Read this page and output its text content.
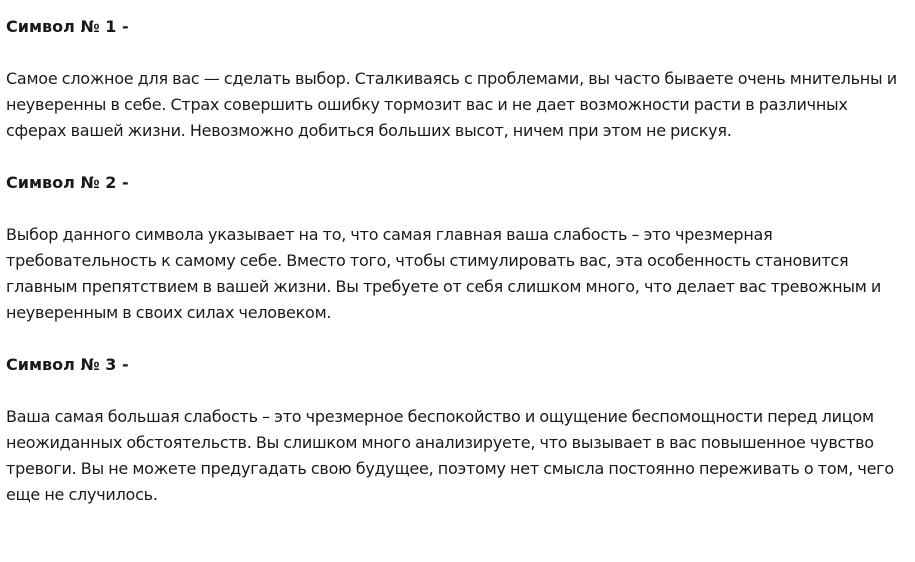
Символ № 1 -

Самое сложное для вас — сделать выбор. Сталкиваясь с проблемами, вы часто бываете очень мнительны и неуверенны в себе. Страх совершить ошибку тормозит вас и не дает возможности расти в различных сферах вашей жизни. Невозможно добиться больших высот, ничем при этом не рискуя.

Символ № 2 -

Выбор данного символа указывает на то, что самая главная ваша слабость – это чрезмерная требовательность к самому себе. Вместо того, чтобы стимулировать вас, эта особенность становится главным препятствием в вашей жизни. Вы требуете от себя слишком много, что делает вас тревожным и неуверенным в своих силах человеком.

Символ № 3 -

Ваша самая большая слабость – это чрезмерное беспокойство и ощущение беспомощности перед лицом неожиданных обстоятельств. Вы слишком много анализируете, что вызывает в вас повышенное чувство тревоги. Вы не можете предугадать свою будущее, поэтому нет смысла постоянно переживать о том, чего еще не случилось.
